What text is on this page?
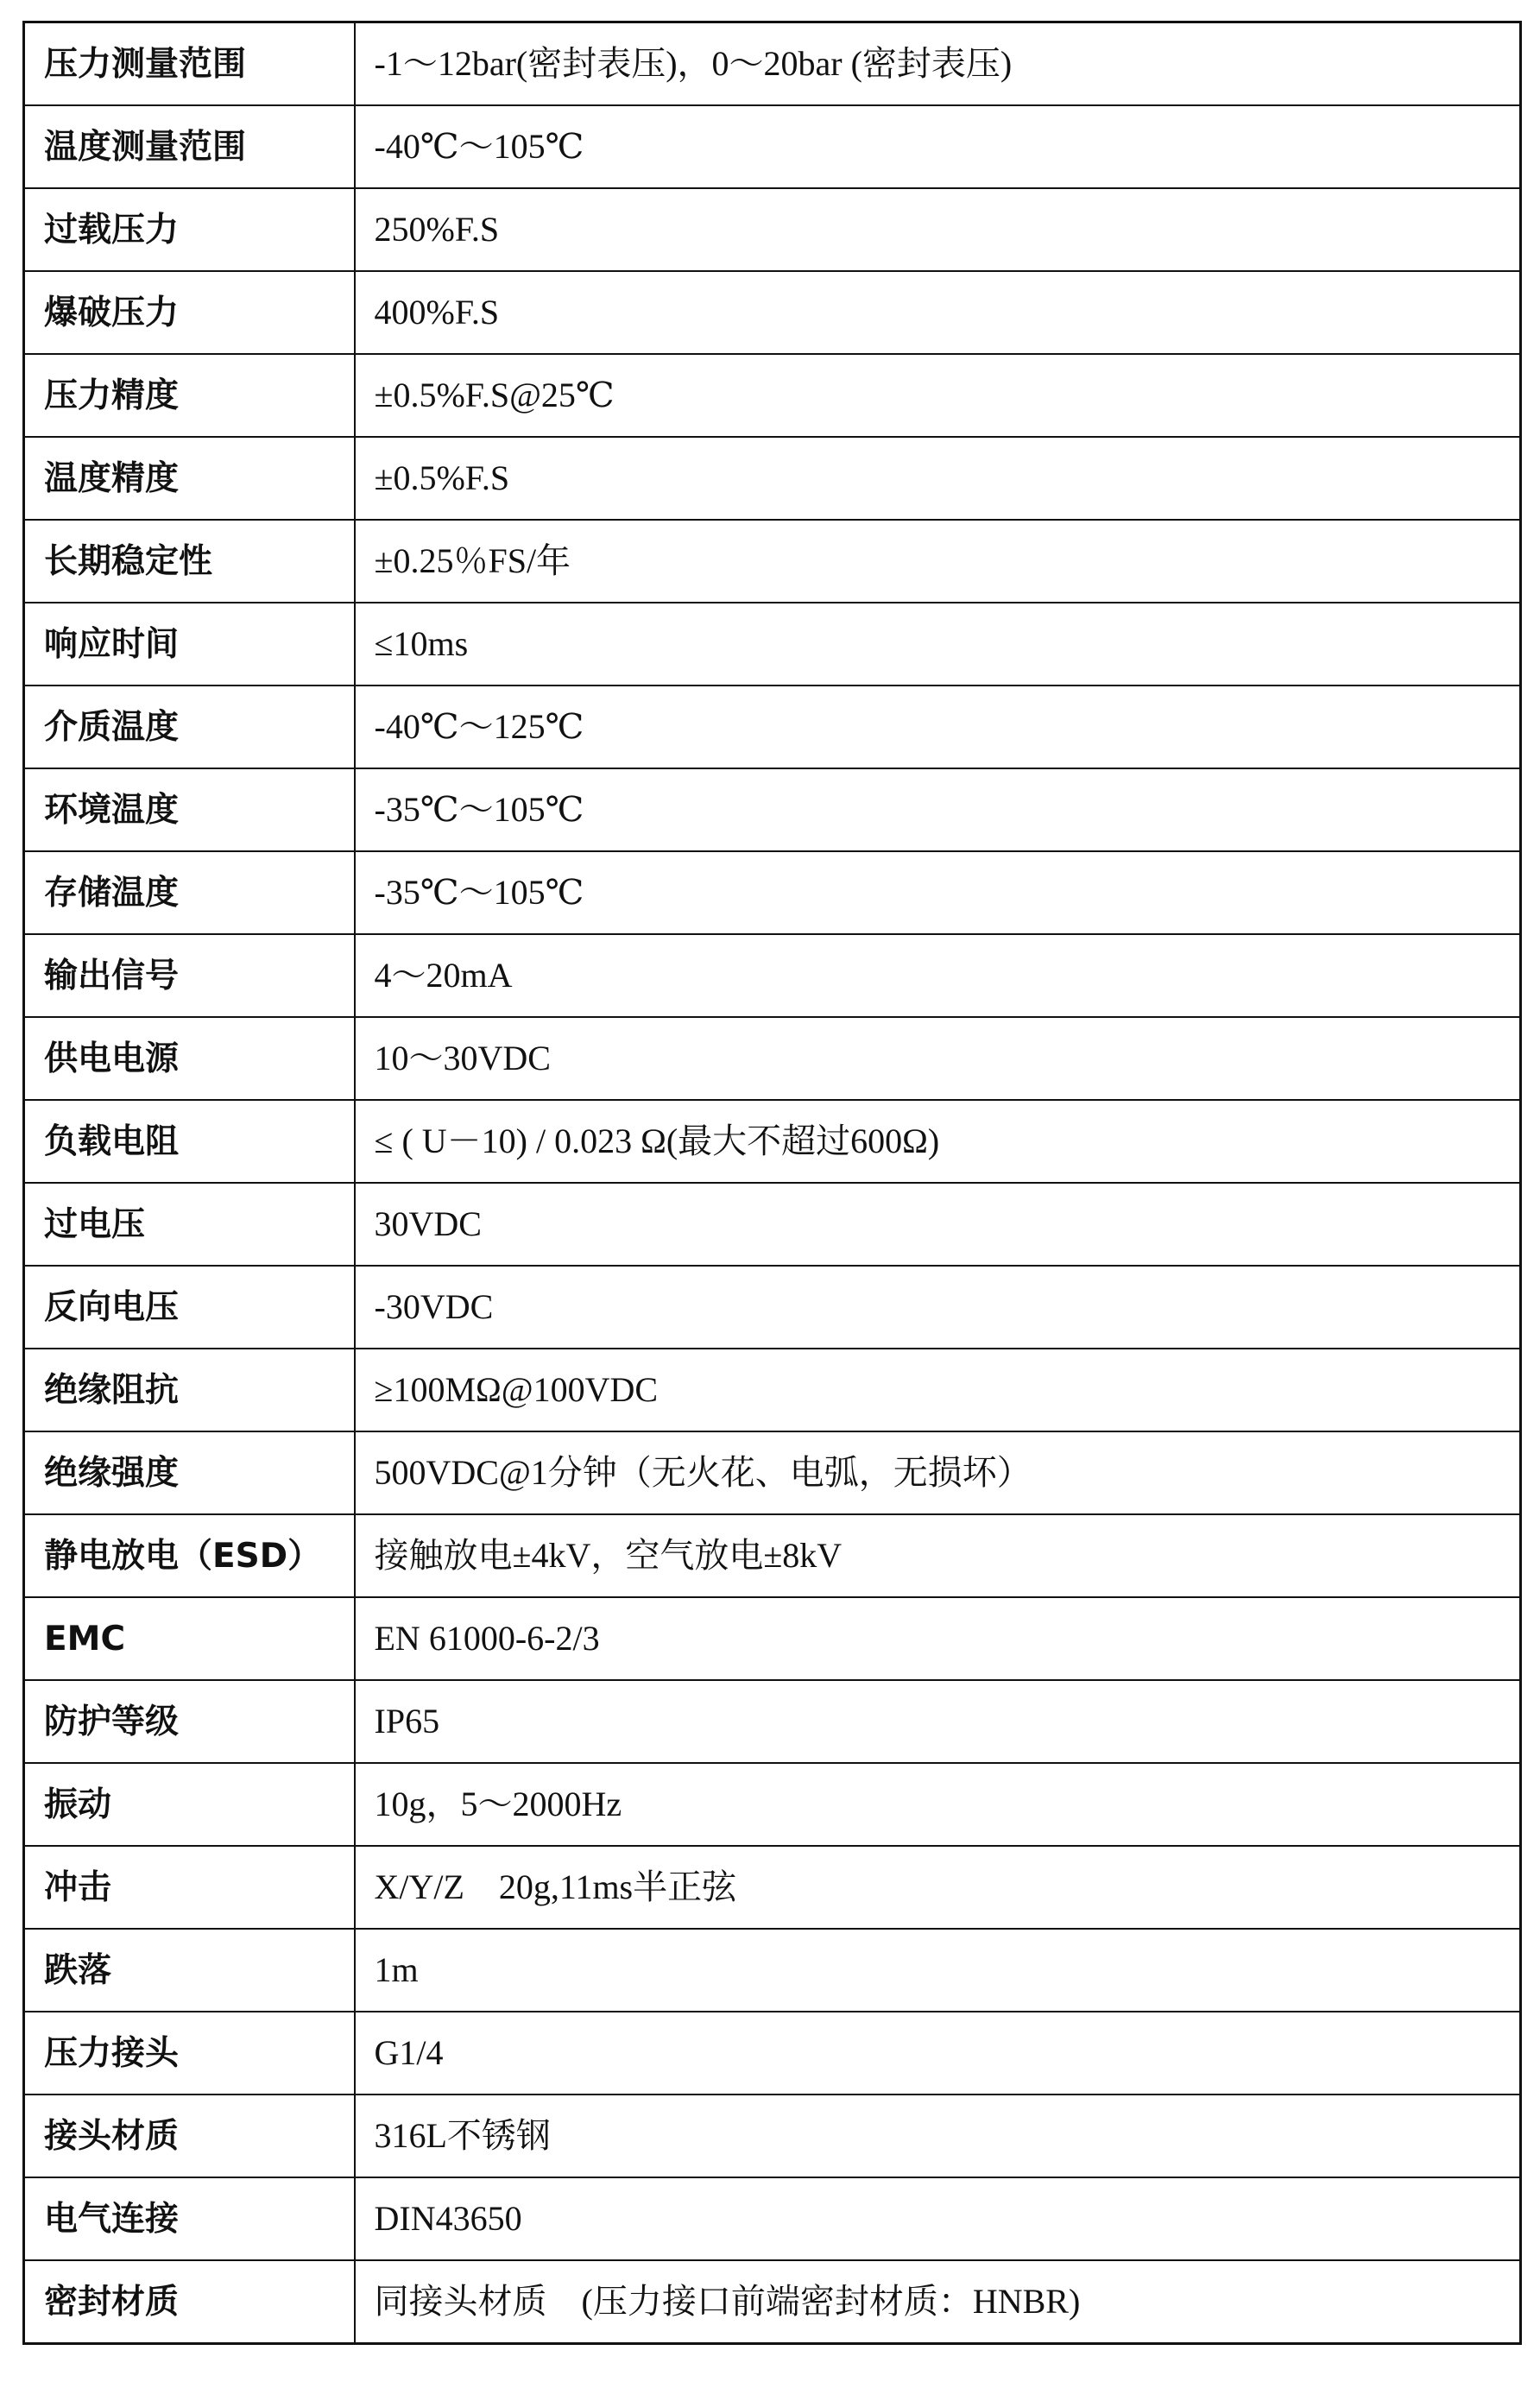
压力测量范围	-1～12bar(密封表压)，0～20bar (密封表压)
温度测量范围	-40℃～105℃
过载压力	250%F.S
爆破压力	400%F.S
压力精度	±0.5%F.S@25℃
温度精度	±0.5%F.S
长期稳定性	±0.25％FS/年
响应时间	≤10ms
介质温度	-40℃～125℃
环境温度	-35℃～105℃
存储温度	-35℃～105℃
输出信号	4～20mA
供电电源	10～30VDC
负载电阻	≤ ( U－10) / 0.023 Ω(最大不超过600Ω)
过电压	30VDC
反向电压	-30VDC
绝缘阻抗	≥100MΩ@100VDC
绝缘强度	500VDC@1分钟（无火花、电弧，无损坏）
静电放电（ESD）	接触放电±4kV，空气放电±8kV
EMC	EN 61000-6-2/3
防护等级	IP65
振动	10g，5～2000Hz
冲击	X/Y/Z　20g,11ms半正弦
跌落	1m
压力接头	G1/4
接头材质	316L不锈钢
电气连接	DIN43650
密封材质	同接头材质　(压力接口前端密封材质：HNBR)
